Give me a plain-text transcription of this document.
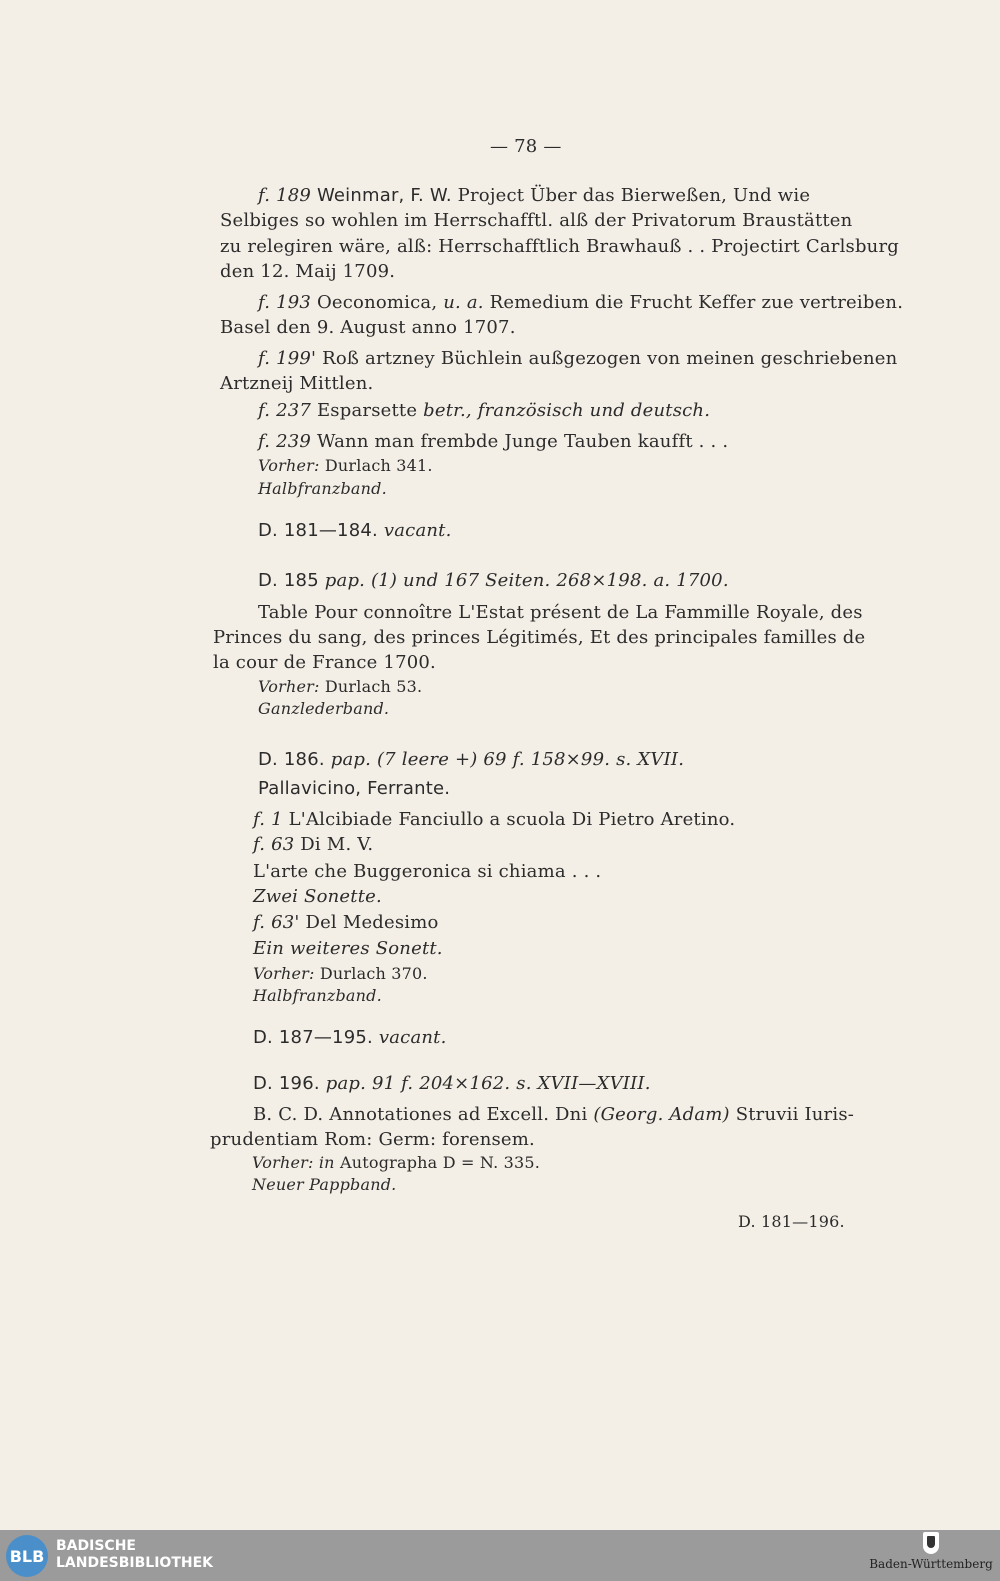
— 78 —
f. 189 Weinmar, F. W. Project Über das Bierweßen, Und wie
Selbiges so wohlen im Herrschafftl. alß der Privatorum Braustätten
zu relegiren wäre, alß: Herrschafftlich Brawhauß . . Projectirt Carlsburg
den 12. Maij 1709.
f. 193 Oeconomica, u. a. Remedium die Frucht Keffer zue vertreiben.
Basel den 9. August anno 1707.
f. 199' Roß artzney Büchlein außgezogen von meinen geschriebenen
Artzneij Mittlen.
f. 237 Esparsette betr., französisch und deutsch.
f. 239 Wann man frembde Junge Tauben kaufft . . .
Vorher: Durlach 341.
Halbfranzband.
D. 181—184. vacant.
D. 185 pap. (1) und 167 Seiten. 268×198. a. 1700.
Table Pour connoître L'Estat présent de La Fammille Royale, des
Princes du sang, des princes Légitimés, Et des principales familles de
la cour de France 1700.
Vorher: Durlach 53.
Ganzlederband.
D. 186. pap. (7 leere +) 69 f. 158×99. s. XVII.
Pallavicino, Ferrante.
f. 1 L'Alcibiade Fanciullo a scuola Di Pietro Aretino.
f. 63 Di M. V.
L'arte che Buggeronica si chiama . . .
Zwei Sonette.
f. 63' Del Medesimo
Ein weiteres Sonett.
Vorher: Durlach 370.
Halbfranzband.
D. 187—195. vacant.
D. 196. pap. 91 f. 204×162. s. XVII—XVIII.
B. C. D. Annotationes ad Excell. Dni (Georg. Adam) Struvii Iuris-
prudentiam Rom: Germ: forensem.
Vorher: in Autographa D = N. 335.
Neuer Pappband.
D. 181—196.
BLB
BADISCHE
LANDESBIBLIOTHEK	Baden-Württemberg
